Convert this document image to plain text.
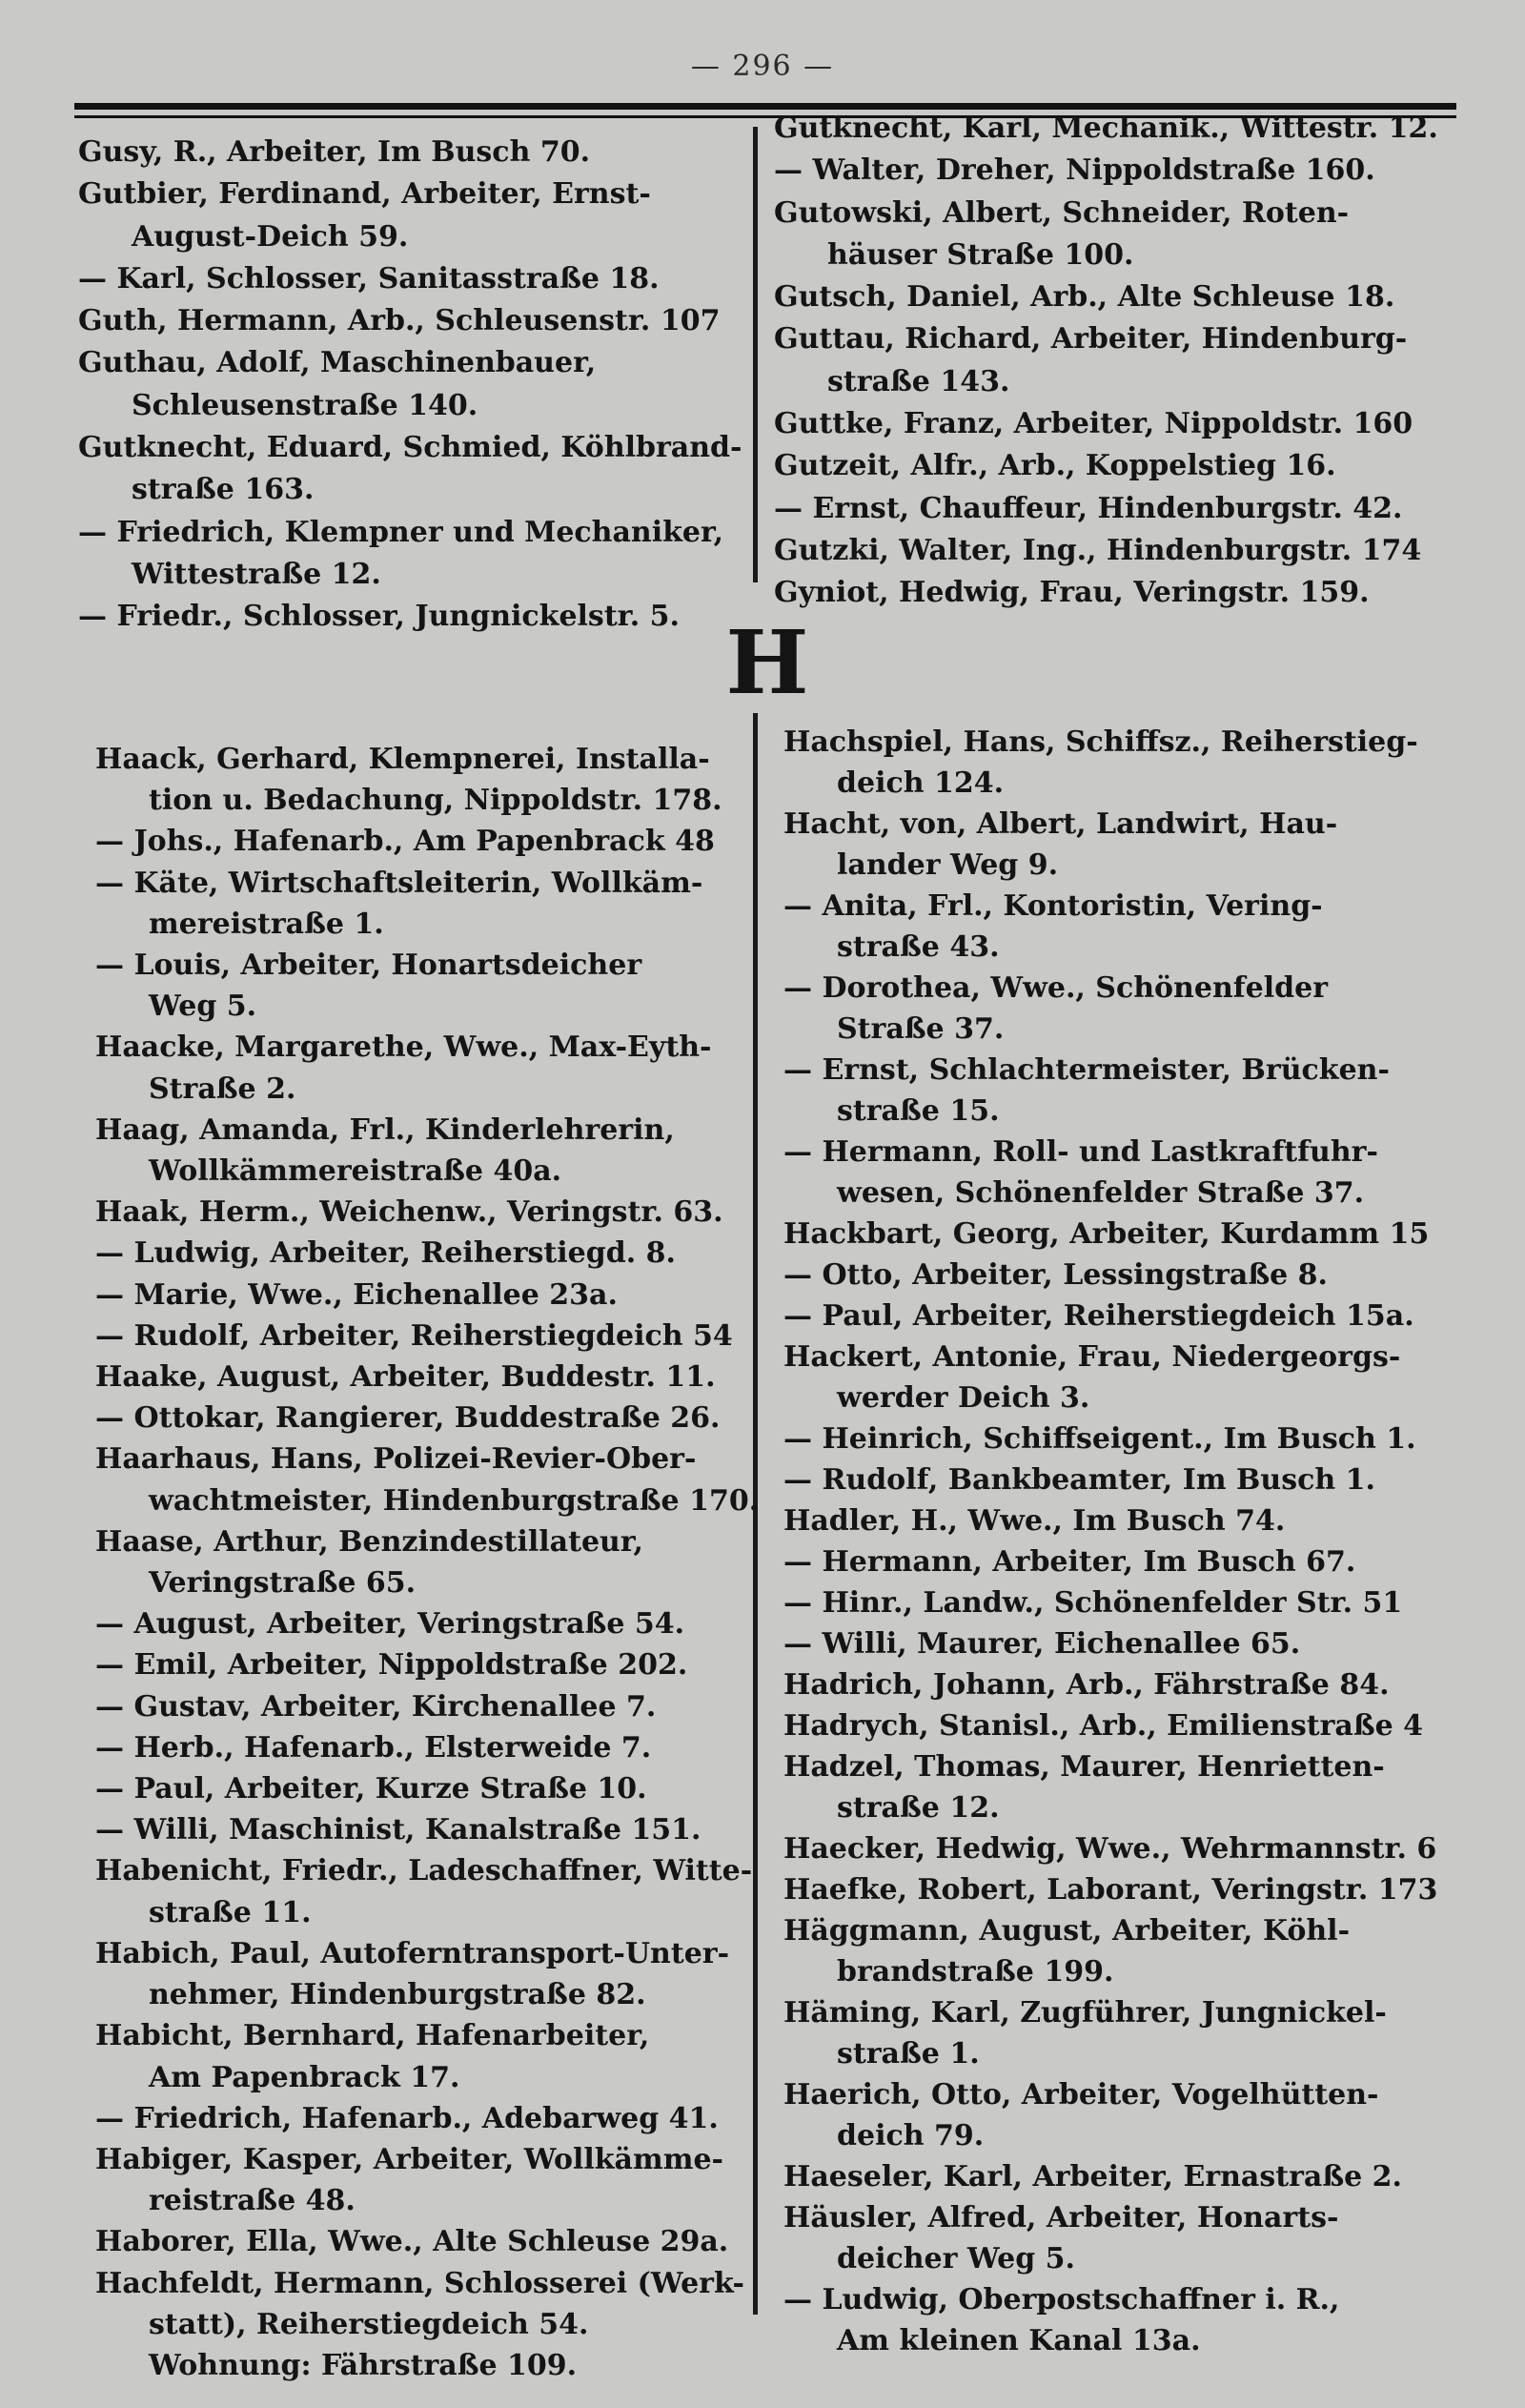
— 296 —
Gusy, R., Arbeiter, Im Busch 70.
Gutbier, Ferdinand, Arbeiter, Ernst-
August-Deich 59.
— Karl, Schlosser, Sanitasstraße 18.
Guth, Hermann, Arb., Schleusenstr. 107
Guthau, Adolf, Maschinenbauer,
Schleusenstraße 140.
Gutknecht, Eduard, Schmied, Köhlbrand-
straße 163.
— Friedrich, Klempner und Mechaniker,
Wittestraße 12.
— Friedr., Schlosser, Jungnickelstr. 5.
Gutknecht, Karl, Mechanik., Wittestr. 12.
— Walter, Dreher, Nippoldstraße 160.
Gutowski, Albert, Schneider, Roten-
häuser Straße 100.
Gutsch, Daniel, Arb., Alte Schleuse 18.
Guttau, Richard, Arbeiter, Hindenburg-
straße 143.
Guttke, Franz, Arbeiter, Nippoldstr. 160
Gutzeit, Alfr., Arb., Koppelstieg 16.
— Ernst, Chauffeur, Hindenburgstr. 42.
Gutzki, Walter, Ing., Hindenburgstr. 174
Gyniot, Hedwig, Frau, Veringstr. 159.
H
Haack, Gerhard, Klempnerei, Installa-
tion u. Bedachung, Nippoldstr. 178.
— Johs., Hafenarb., Am Papenbrack 48
— Käte, Wirtschaftsleiterin, Wollkäm-
mereistraße 1.
— Louis, Arbeiter, Honartsdeicher
Weg 5.
Haacke, Margarethe, Wwe., Max-Eyth-
Straße 2.
Haag, Amanda, Frl., Kinderlehrerin,
Wollkämmereistraße 40a.
Haak, Herm., Weichenw., Veringstr. 63.
— Ludwig, Arbeiter, Reiherstiegd. 8.
— Marie, Wwe., Eichenallee 23a.
— Rudolf, Arbeiter, Reiherstiegdeich 54
Haake, August, Arbeiter, Buddestr. 11.
— Ottokar, Rangierer, Buddestraße 26.
Haarhaus, Hans, Polizei-Revier-Ober-
wachtmeister, Hindenburgstraße 170.
Haase, Arthur, Benzindestillateur,
Veringstraße 65.
— August, Arbeiter, Veringstraße 54.
— Emil, Arbeiter, Nippoldstraße 202.
— Gustav, Arbeiter, Kirchenallee 7.
— Herb., Hafenarb., Elsterweide 7.
— Paul, Arbeiter, Kurze Straße 10.
— Willi, Maschinist, Kanalstraße 151.
Habenicht, Friedr., Ladeschaffner, Witte-
straße 11.
Habich, Paul, Autoferntransport-Unter-
nehmer, Hindenburgstraße 82.
Habicht, Bernhard, Hafenarbeiter,
Am Papenbrack 17.
— Friedrich, Hafenarb., Adebarweg 41.
Habiger, Kasper, Arbeiter, Wollkämme-
reistraße 48.
Haborer, Ella, Wwe., Alte Schleuse 29a.
Hachfeldt, Hermann, Schlosserei (Werk-
statt), Reiherstiegdeich 54.
Wohnung: Fährstraße 109.
Hachspiel, Hans, Schiffsz., Reiherstieg-
deich 124.
Hacht, von, Albert, Landwirt, Hau-
lander Weg 9.
— Anita, Frl., Kontoristin, Vering-
straße 43.
— Dorothea, Wwe., Schönenfelder
Straße 37.
— Ernst, Schlachtermeister, Brücken-
straße 15.
— Hermann, Roll- und Lastkraftfuhr-
wesen, Schönenfelder Straße 37.
Hackbart, Georg, Arbeiter, Kurdamm 15
— Otto, Arbeiter, Lessingstraße 8.
— Paul, Arbeiter, Reiherstiegdeich 15a.
Hackert, Antonie, Frau, Niedergeorgs-
werder Deich 3.
— Heinrich, Schiffseigent., Im Busch 1.
— Rudolf, Bankbeamter, Im Busch 1.
Hadler, H., Wwe., Im Busch 74.
— Hermann, Arbeiter, Im Busch 67.
— Hinr., Landw., Schönenfelder Str. 51
— Willi, Maurer, Eichenallee 65.
Hadrich, Johann, Arb., Fährstraße 84.
Hadrych, Stanisl., Arb., Emilienstraße 4
Hadzel, Thomas, Maurer, Henrietten-
straße 12.
Haecker, Hedwig, Wwe., Wehrmannstr. 6
Haefke, Robert, Laborant, Veringstr. 173
Häggmann, August, Arbeiter, Köhl-
brandstraße 199.
Häming, Karl, Zugführer, Jungnickel-
straße 1.
Haerich, Otto, Arbeiter, Vogelhütten-
deich 79.
Haeseler, Karl, Arbeiter, Ernastraße 2.
Häusler, Alfred, Arbeiter, Honarts-
deicher Weg 5.
— Ludwig, Oberpostschaffner i. R.,
Am kleinen Kanal 13a.
